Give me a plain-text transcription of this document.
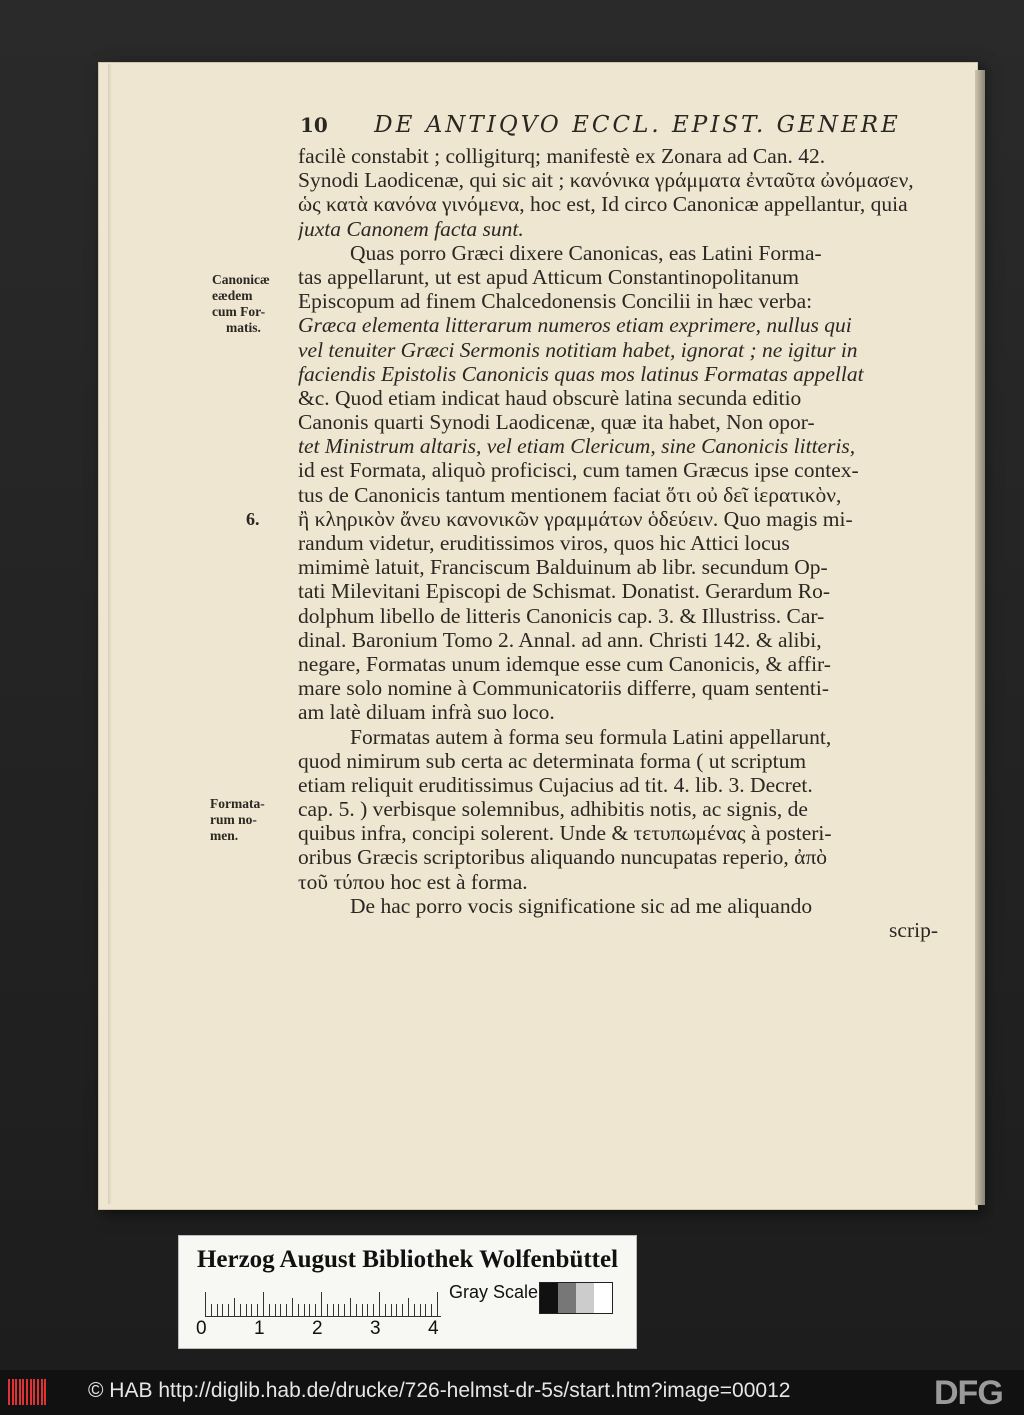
10 DE ANTIQVO ECCL. EPIST. GENERE
facilè constabit ; colligiturq; manifestè ex Zonara ad Can. 42.
Synodi Laodicenæ, qui sic ait ; κανόνικα γράμματα ἐνταῦτα ὠνόμασεν,
ὡς κατὰ κανόνα γινόμενα, hoc est, Id circo Canonicæ appellantur, quia
juxta Canonem facta sunt.
Quas porro Græci dixere Canonicas, eas Latini Forma-
tas appellarunt, ut est apud Atticum Constantinopolitanum
Episcopum ad finem Chalcedonensis Concilii in hæc verba:
Græca elementa litterarum numeros etiam exprimere, nullus qui
vel tenuiter Græci Sermonis notitiam habet, ignorat ; ne igitur in
faciendis Epistolis Canonicis quas mos latinus Formatas appellat
&c. Quod etiam indicat haud obscurè latina secunda editio
Canonis quarti Synodi Laodicenæ, quæ ita habet, Non opor-
tet Ministrum altaris, vel etiam Clericum, sine Canonicis litteris,
id est Formata, aliquò proficisci, cum tamen Græcus ipse contex-
tus de Canonicis tantum mentionem faciat ὅτι οὐ δεῖ ἱερατικὸν,
ἢ κληρικὸν ἄνευ κανονικῶν γραμμάτων ὁδεύειν. Quo magis mi-
randum videtur, eruditissimos viros, quos hic Attici locus
mimimè latuit, Franciscum Balduinum ab libr. secundum Op-
tati Milevitani Episcopi de Schismat. Donatist. Gerardum Ro-
dolphum libello de litteris Canonicis cap. 3. & Illustriss. Car-
dinal. Baronium Tomo 2. Annal. ad ann. Christi 142. & alibi,
negare, Formatas unum idemque esse cum Canonicis, & affir-
mare solo nomine à Communicatoriis differre, quam sententi-
am latè diluam infrà suo loco.
Formatas autem à forma seu formula Latini appellarunt,
quod nimirum sub certa ac determinata forma ( ut scriptum
etiam reliquit eruditissimus Cujacius ad tit. 4. lib. 3. Decret.
cap. 5. ) verbisque solemnibus, adhibitis notis, ac signis, de
quibus infra, concipi solerent. Unde & τετυπωμένας à posteri-
oribus Græcis scriptoribus aliquando nuncupatas reperio, ἀπὸ
τοῦ τύπου hoc est à forma.
De hac porro vocis significatione sic ad me aliquando
scrip-
Canonicæ
eædem
cum For-
matis.
6.
Formata-
rum no-
men.
Herzog August Bibliothek Wolfenbüttel
Gray Scale
0 1 2 3 4
© HAB http://diglib.hab.de/drucke/726-helmst-dr-5s/start.htm?image=00012	DFG
